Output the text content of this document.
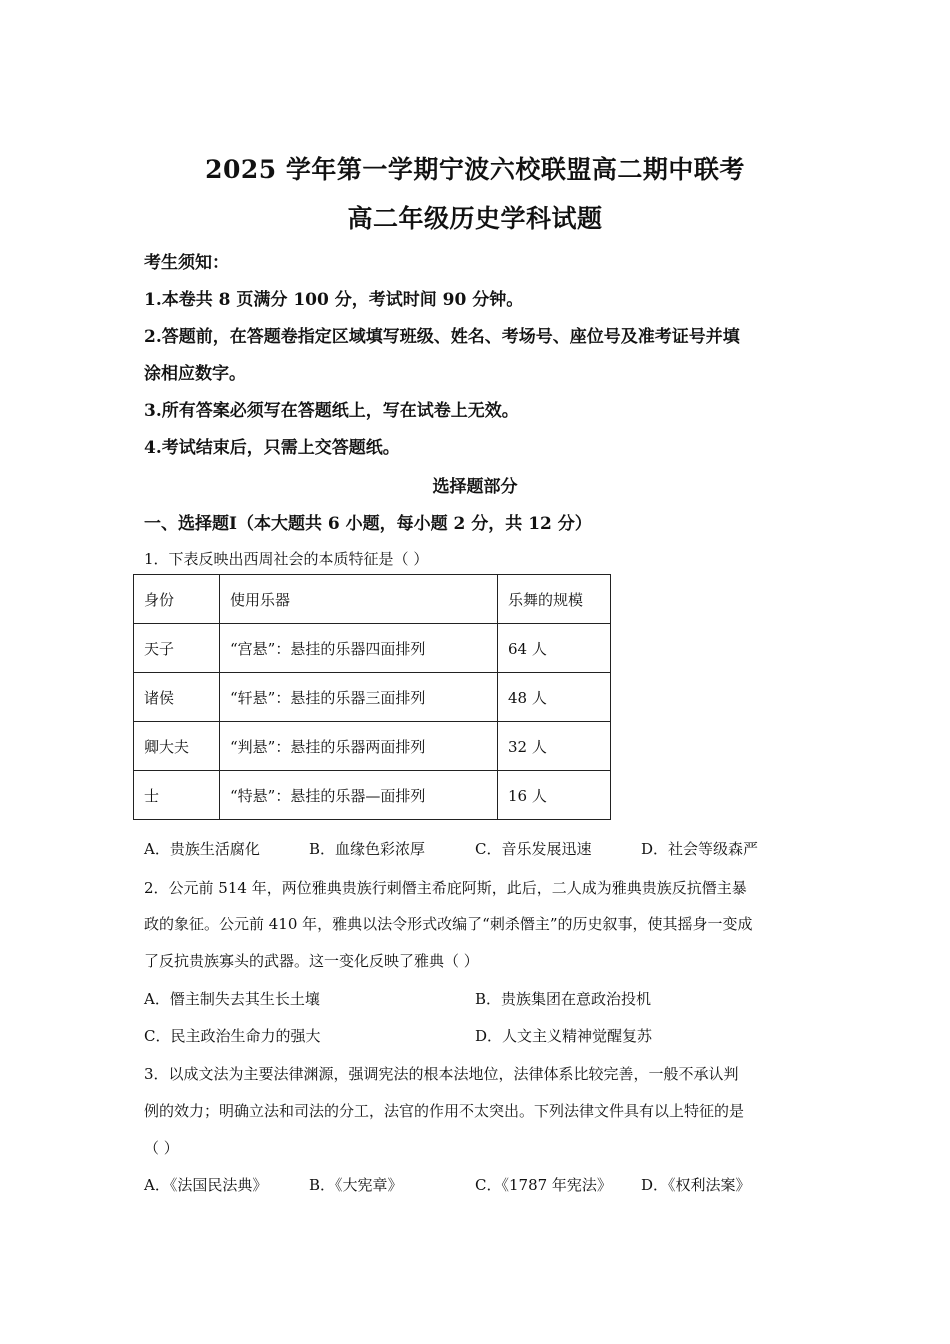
2025 学年第一学期宁波六校联盟高二期中联考
高二年级历史学科试题
考生须知：
1.本卷共 8 页满分 100 分，考试时间 90 分钟。
2.答题前，在答题卷指定区域填写班级、姓名、考场号、座位号及准考证号并填
涂相应数字。
3.所有答案必须写在答题纸上，写在试卷上无效。
4.考试结束后，只需上交答题纸。
选择题部分
一、选择题Ⅰ（本大题共 6 小题，每小题 2 分，共 12 分）
1．下表反映出西周社会的本质特征是（ ）
身份	使用乐器	乐舞的规模
天子	“宫悬”：悬挂的乐器四面排列	64 人
诸侯	“轩悬”：悬挂的乐器三面排列	48 人
卿大夫	“判悬”：悬挂的乐器两面排列	32 人
士	“特悬”：悬挂的乐器—面排列	16 人
A．贵族生活腐化	B．血缘色彩浓厚	C．音乐发展迅速	D．社会等级森严
2．公元前 514 年，两位雅典贵族行刺僭主希庇阿斯，此后，二人成为雅典贵族反抗僭主暴
政的象征。公元前 410 年，雅典以法令形式改编了“刺杀僭主”的历史叙事，使其摇身一变成
了反抗贵族寡头的武器。这一变化反映了雅典（ ）
A．僭主制失去其生长土壤	B．贵族集团在意政治投机
C．民主政治生命力的强大	D．人文主义精神觉醒复苏
3．以成文法为主要法律渊源，强调宪法的根本法地位，法律体系比较完善，一般不承认判
例的效力；明确立法和司法的分工，法官的作用不太突出。下列法律文件具有以上特征的是
（ ）
A．《法国民法典》	B．《大宪章》	C．《1787 年宪法》 D．《权利法案》
